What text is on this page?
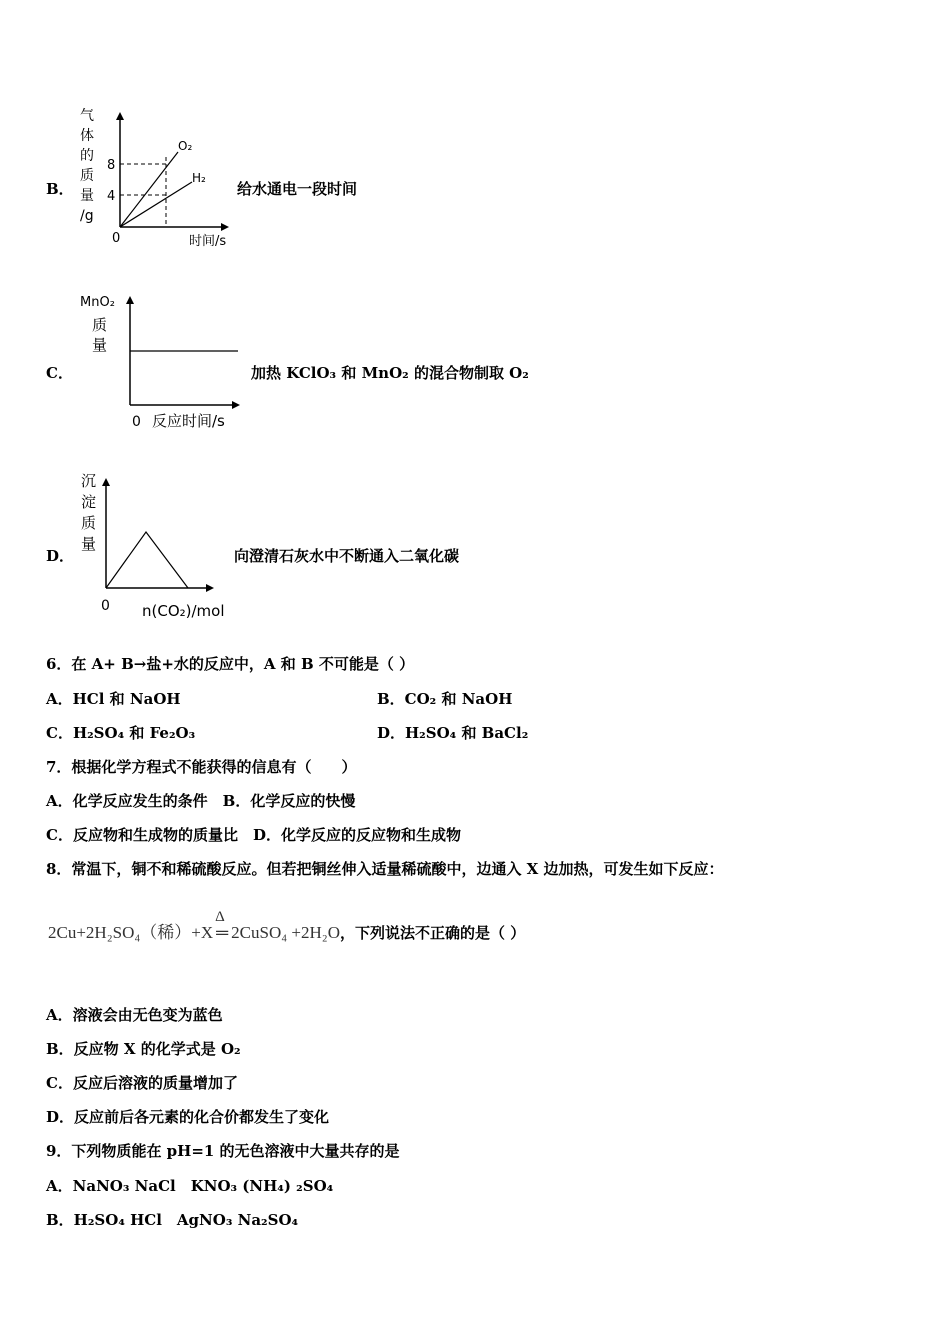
B．
气体的质量/g
8
4
0
O₂
H₂
时间/s
给水通电一段时间
C．
MnO₂
质量
0 反应时间/s
加热 KClO₃ 和 MnO₂ 的混合物制取 O₂
D．
沉淀质量
0 n(CO₂)/mol
向澄清石灰水中不断通入二氧化碳
6．在 A+ B→盐+水的反应中，A 和 B 不可能是（ ）
A．HCl 和 NaOH	B．CO₂ 和 NaOH
C．H₂SO₄ 和 Fe₂O₃	D．H₂SO₄ 和 BaCl₂
7．根据化学方程式不能获得的信息有（　　）
A．化学反应发生的条件　B．化学反应的快慢
C．反应物和生成物的质量比　D．化学反应的反应物和生成物
8．常温下，铜不和稀硫酸反应。但若把铜丝伸入适量稀硫酸中，边通入 X 边加热，可发生如下反应：
2Cu+2H₂SO₄（稀）+X
Δ
═ 2CuSO₄ +2H₂O，下列说法不正确的是（ ）
A．溶液会由无色变为蓝色
B．反应物 X 的化学式是 O₂
C．反应后溶液的质量增加了
D．反应前后各元素的化合价都发生了变化
9．下列物质能在 pH=1 的无色溶液中大量共存的是
A．NaNO₃ NaCl　KNO₃ (NH₄) ₂SO₄
B．H₂SO₄ HCl　AgNO₃ Na₂SO₄
